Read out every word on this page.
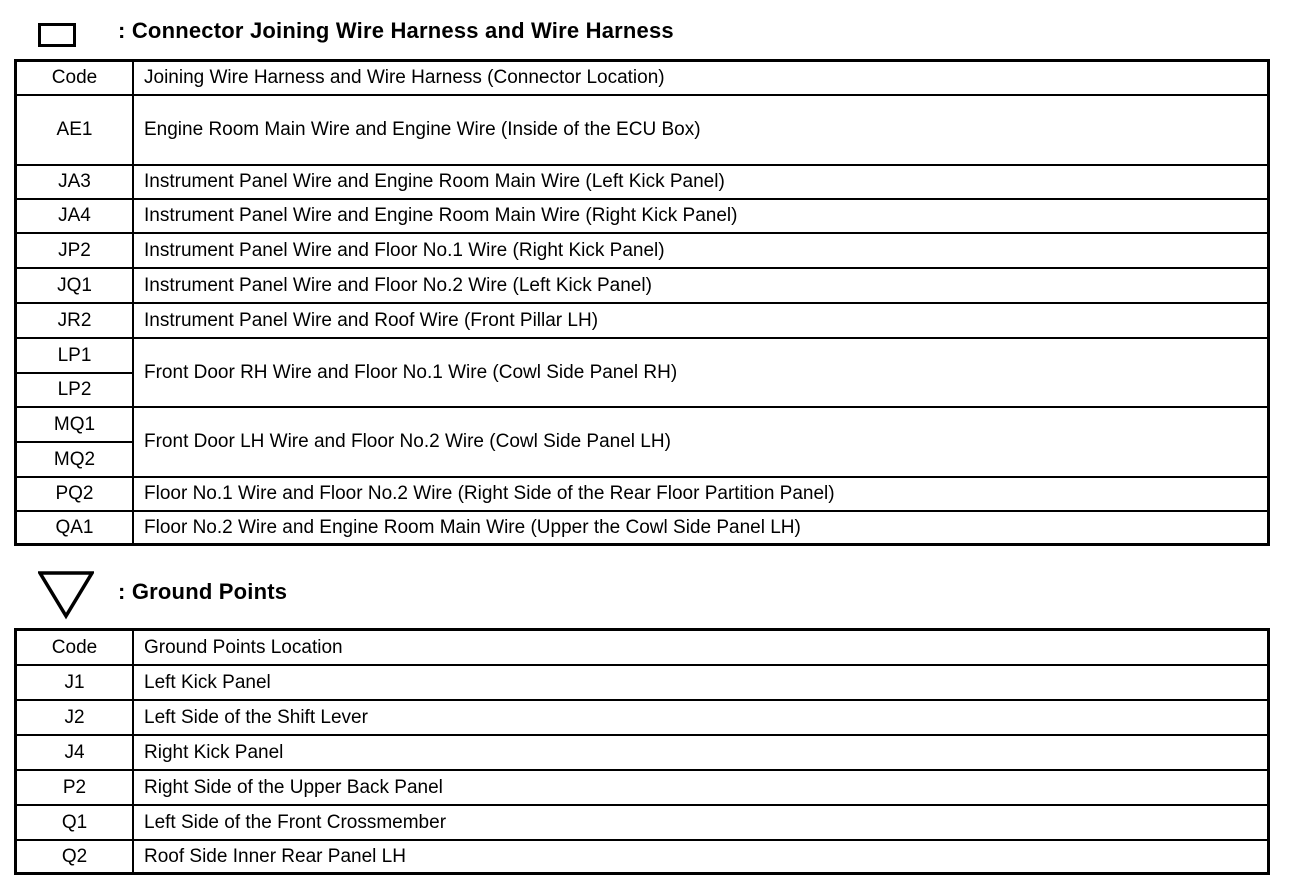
: Connector Joining Wire Harness and Wire Harness
Code	Joining Wire Harness and Wire Harness (Connector Location)
AE1	Engine Room Main Wire and Engine Wire (Inside of the ECU Box)
JA3	Instrument Panel Wire and Engine Room Main Wire (Left Kick Panel)
JA4	Instrument Panel Wire and Engine Room Main Wire (Right Kick Panel)
JP2	Instrument Panel Wire and Floor No.1 Wire (Right Kick Panel)
JQ1	Instrument Panel Wire and Floor No.2 Wire (Left Kick Panel)
JR2	Instrument Panel Wire and Roof Wire (Front Pillar LH)
LP1	Front Door RH Wire and Floor No.1 Wire (Cowl Side Panel RH)
LP2	
MQ1	Front Door LH Wire and Floor No.2 Wire (Cowl Side Panel LH)
MQ2	
PQ2	Floor No.1 Wire and Floor No.2 Wire (Right Side of the Rear Floor Partition Panel)
QA1	Floor No.2 Wire and Engine Room Main Wire (Upper the Cowl Side Panel LH)
: Ground Points
Code	Ground Points Location
J1	Left Kick Panel
J2	Left Side of the Shift Lever
J4	Right Kick Panel
P2	Right Side of the Upper Back Panel
Q1	Left Side of the Front Crossmember
Q2	Roof Side Inner Rear Panel LH
